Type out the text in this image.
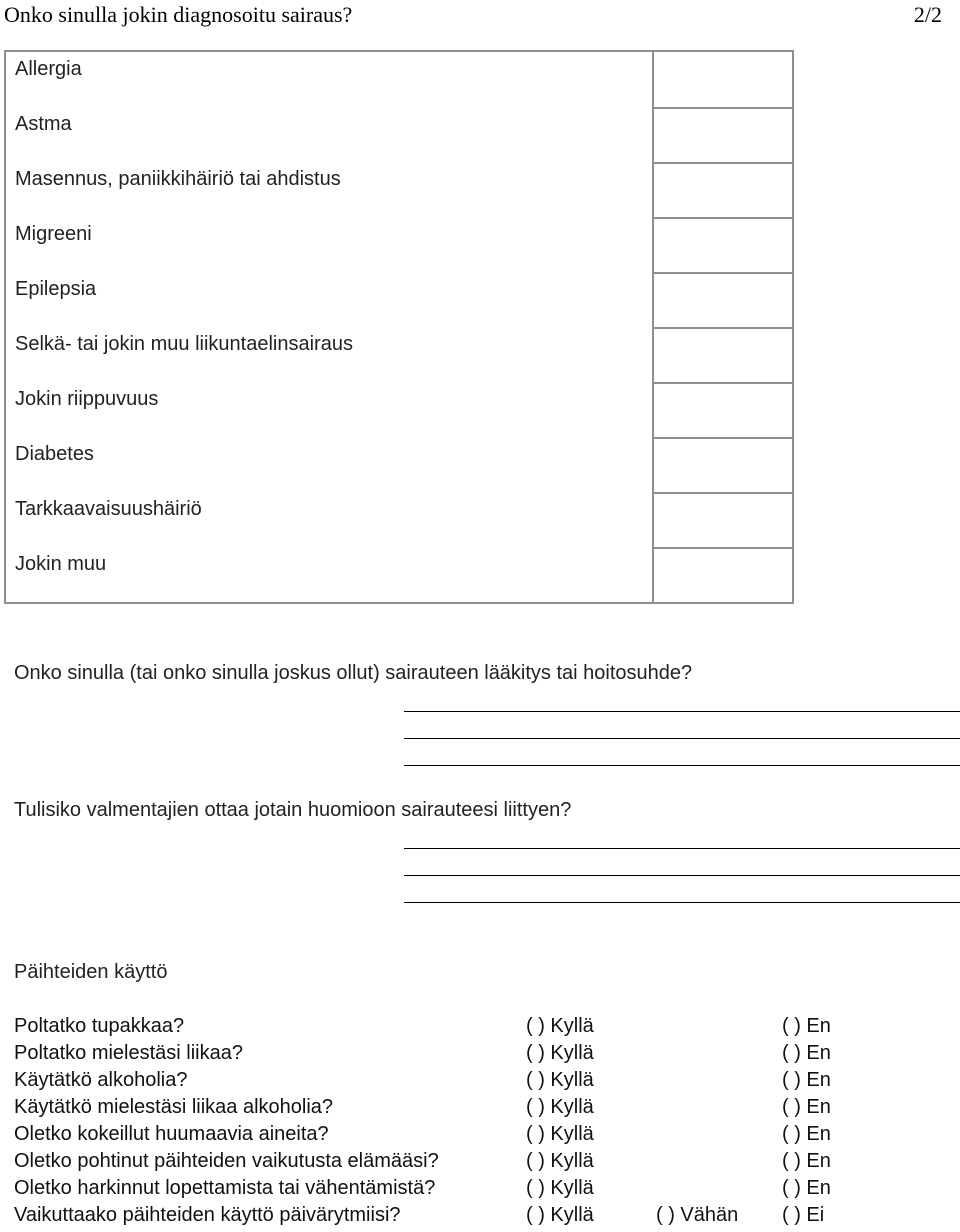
Onko sinulla jokin diagnosoitu sairaus?	2/2
Allergia
Astma
Masennus, paniikkihäiriö tai ahdistus
Migreeni
Epilepsia
Selkä- tai jokin muu liikuntaelinsairaus
Jokin riippuvuus
Diabetes
Tarkkaavaisuushäiriö
Jokin muu
Onko sinulla (tai onko sinulla joskus ollut) sairauteen lääkitys tai hoitosuhde?
Tulisiko valmentajien ottaa jotain huomioon sairauteesi liittyen?
Päihteiden käyttö
Poltatko tupakkaa?	( ) Kyllä	( ) En
Poltatko mielestäsi liikaa?	( ) Kyllä	( ) En
Käytätkö alkoholia?	( ) Kyllä	( ) En
Käytätkö mielestäsi liikaa alkoholia?	( ) Kyllä	( ) En
Oletko kokeillut huumaavia aineita?	( ) Kyllä	( ) En
Oletko pohtinut päihteiden vaikutusta elämääsi?	( ) Kyllä	( ) En
Oletko harkinnut lopettamista tai vähentämistä?	( ) Kyllä	( ) En
Vaikuttaako päihteiden käyttö päivärytmiisi?	( ) Kyllä	( ) Vähän ( ) Ei
